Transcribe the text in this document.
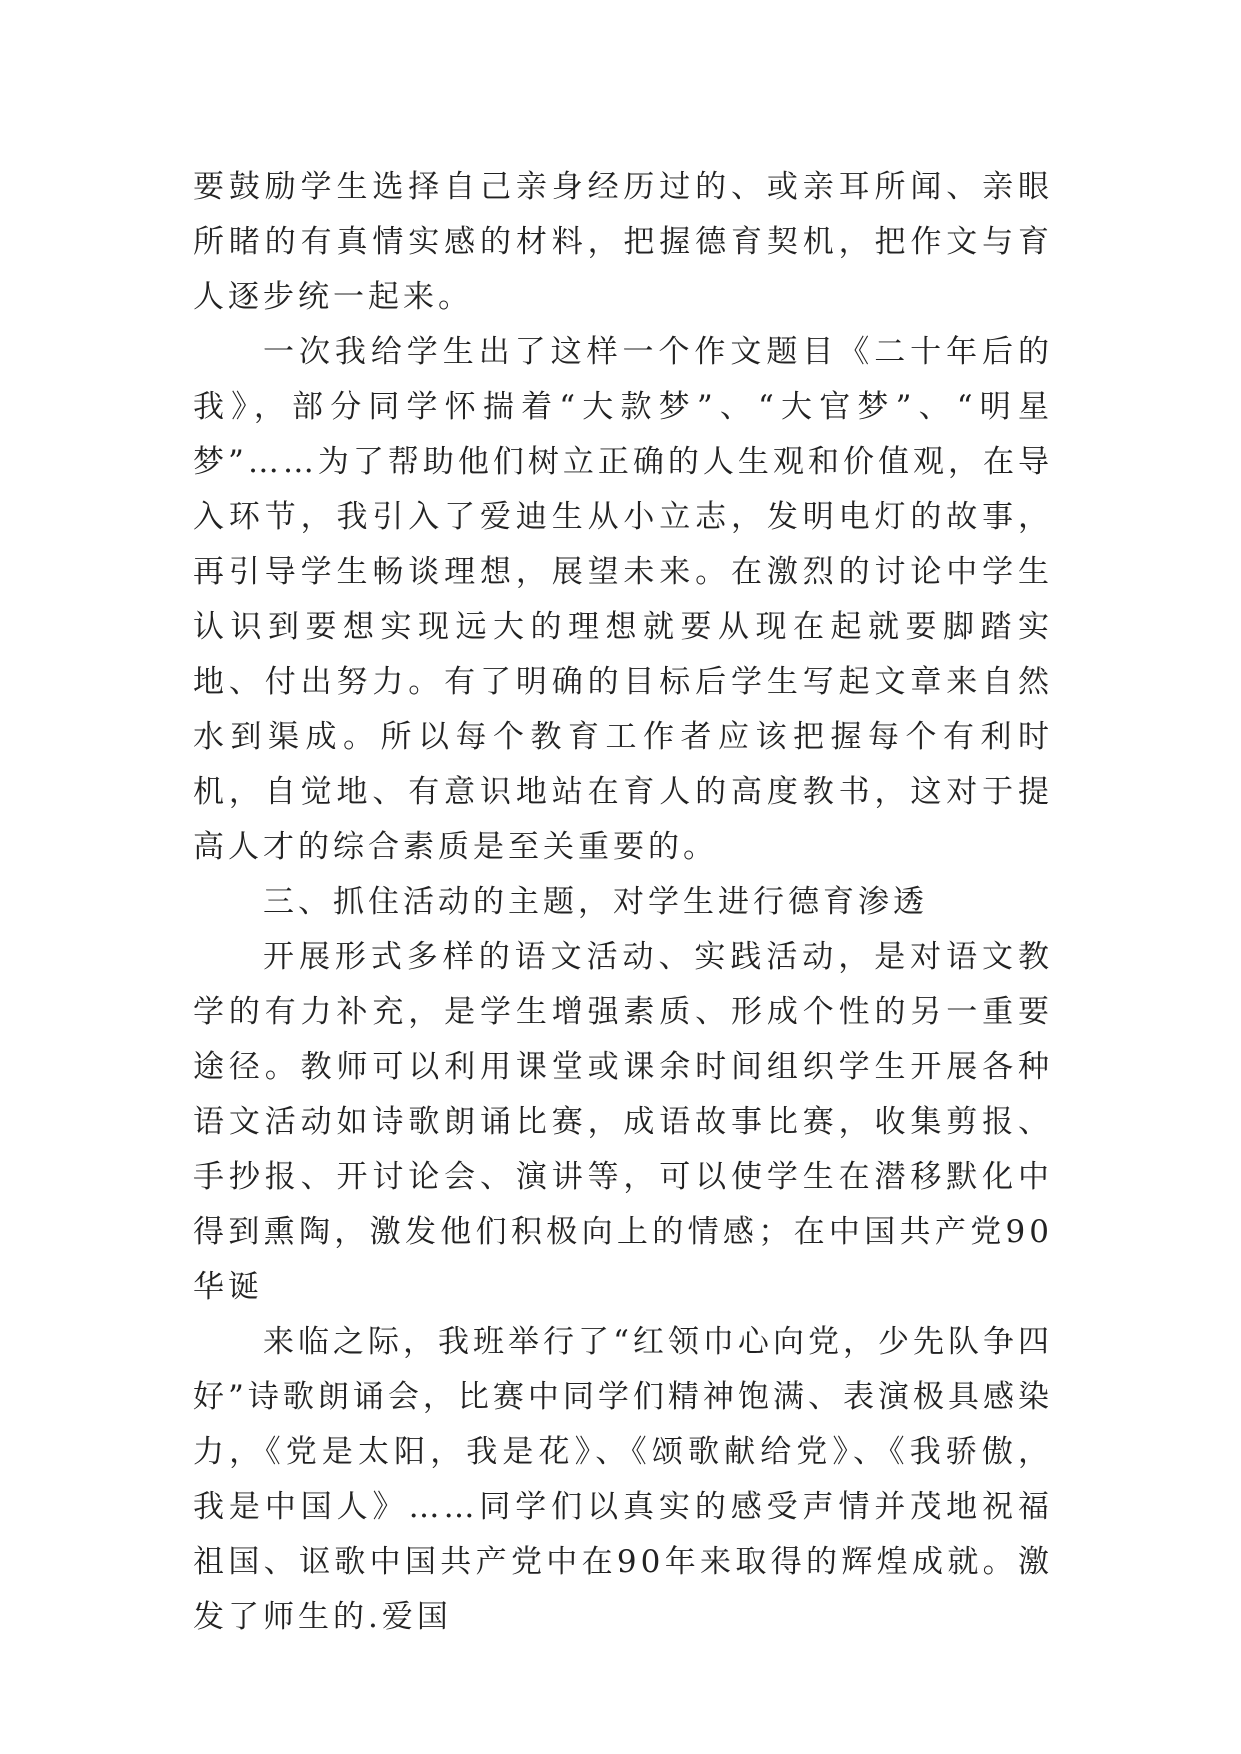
要鼓励学生选择自己亲身经历过的、或亲耳所闻、亲眼所睹的有真情实感的材料，把握德育契机，把作文与育人逐步统一起来。

一次我给学生出了这样一个作文题目《二十年后的我》，部分同学怀揣着“大款梦”、“大官梦”、“明星梦”……为了帮助他们树立正确的人生观和价值观，在导入环节，我引入了爱迪生从小立志，发明电灯的故事，再引导学生畅谈理想，展望未来。在激烈的讨论中学生认识到要想实现远大的理想就要从现在起就要脚踏实地、付出努力。有了明确的目标后学生写起文章来自然水到渠成。所以每个教育工作者应该把握每个有利时机，自觉地、有意识地站在育人的高度教书，这对于提高人才的综合素质是至关重要的。

三、抓住活动的主题，对学生进行德育渗透

开展形式多样的语文活动、实践活动，是对语文教学的有力补充，是学生增强素质、形成个性的另一重要途径。教师可以利用课堂或课余时间组织学生开展各种语文活动如诗歌朗诵比赛，成语故事比赛，收集剪报、手抄报、开讨论会、演讲等，可以使学生在潜移默化中得到熏陶，激发他们积极向上的情感；在中国共产党90华诞

来临之际，我班举行了“红领巾心向党，少先队争四好”诗歌朗诵会，比赛中同学们精神饱满、表演极具感染力，《党是太阳，我是花》、《颂歌献给党》、《我骄傲，我是中国人》……同学们以真实的感受声情并茂地祝福祖国、讴歌中国共产党中在90年来取得的辉煌成就。激发了师生的.爱国
